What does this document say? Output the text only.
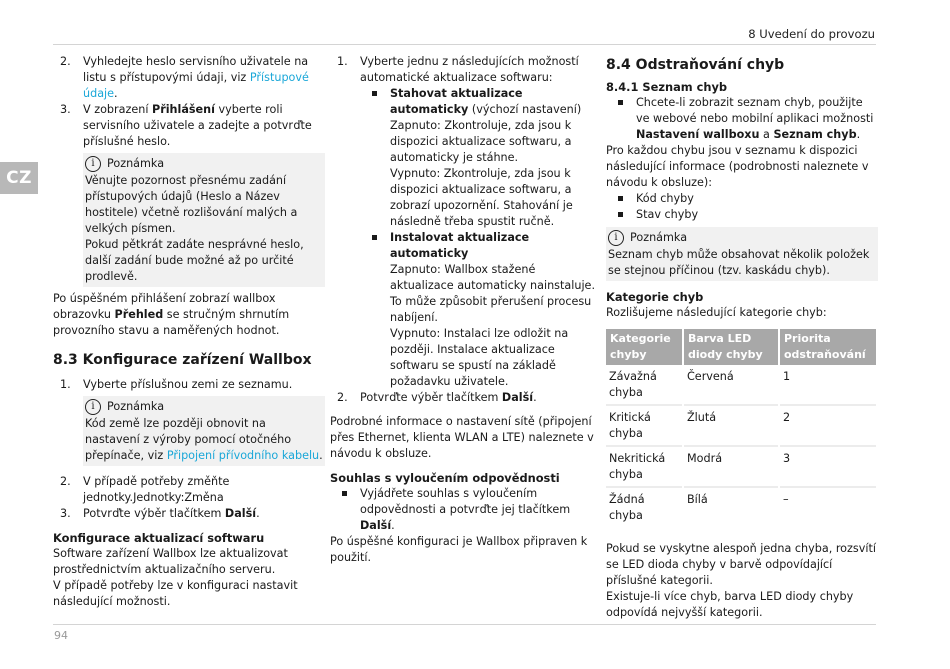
8 Uvedení do provozu
CZ
2. Vyhledejte heslo servisního uživatele na listu s přístupovými údaji, viz Přístupové údaje.
3. V zobrazení Přihlášení vyberte roli servisního uživatele a zadejte a potvrďte příslušné heslo.
i	Poznámka

Věnujte pozornost přesnému zadání přístupových údajů (Heslo a Název hostitele) včetně rozlišování malých a velkých písmen.

Pokud pětkrát zadáte nesprávné heslo, další zadání bude možné až po určité prodlevě.

Po úspěšném přihlášení zobrazí wallbox obrazovku Přehled se stručným shrnutím provozního stavu a naměřených hodnot.

8.3 Konfigurace zařízení Wallbox
1. Vyberte příslušnou zemi ze seznamu.
i	Poznámka

Kód země lze později obnovit na nastavení z výroby pomocí otočného přepínače, viz Připojení přívodního kabelu.

2. V případě potřeby změňte jednotky.Jednotky:Změna
3. Potvrďte výběr tlačítkem Další.
Konfigurace aktualizací softwaru

Software zařízení Wallbox lze aktualizovat prostřednictvím aktualizačního serveru.

V případě potřeby lze v konfiguraci nastavit následující možnosti.

1. Vyberte jednu z následujících možností automatické aktualizace softwaru:
Stahovat aktualizace automaticky (výchozí nastavení)

Zapnuto: Zkontroluje, zda jsou k dispozici aktualizace softwaru, a automaticky je stáhne.

Vypnuto: Zkontroluje, zda jsou k dispozici aktualizace softwaru, a zobrazí upozornění. Stahování je následně třeba spustit ručně.

Instalovat aktualizace automaticky

Zapnuto: Wallbox stažené aktualizace automaticky nainstaluje. To může způsobit přerušení procesu nabíjení.

Vypnuto: Instalaci lze odložit na později. Instalace aktualizace softwaru se spustí na základě požadavku uživatele.

2. Potvrďte výběr tlačítkem Další.

Podrobné informace o nastavení sítě (připojení přes Ethernet, klienta WLAN a LTE) naleznete v návodu k obsluze.

Souhlas s vyloučením odpovědnosti
Vyjádřete souhlas s vyloučením odpovědnosti a potvrďte jej tlačítkem Další.

Po úspěšné konfiguraci je Wallbox připraven k použití.

8.4 Odstraňování chyb
8.4.1 Seznam chyb
Chcete-li zobrazit seznam chyb, použijte ve webové nebo mobilní aplikaci možnosti Nastavení wallboxu a Seznam chyb.

Pro každou chybu jsou v seznamu k dispozici následující informace (podrobnosti naleznete v návodu k obsluze):

Kód chyby
Stav chyby
i	Poznámka

Seznam chyb může obsahovat několik položek se stejnou příčinou (tzv. kaskádu chyb).

Kategorie chyb

Rozlišujeme následující kategorie chyb:

Kategorie chyby	Barva LED diody chyby	Priorita odstraňování
Závažná chyba	Červená	1
Kritická chyba	Žlutá	2
Nekritická chyba	Modrá	3
Žádná chyba	Bílá	–

Pokud se vyskytne alespoň jedna chyba, rozsvítí se LED dioda chyby v barvě odpovídající příslušné kategorii.

Existuje-li více chyb, barva LED diody chyby odpovídá nejvyšší kategorii.

94
